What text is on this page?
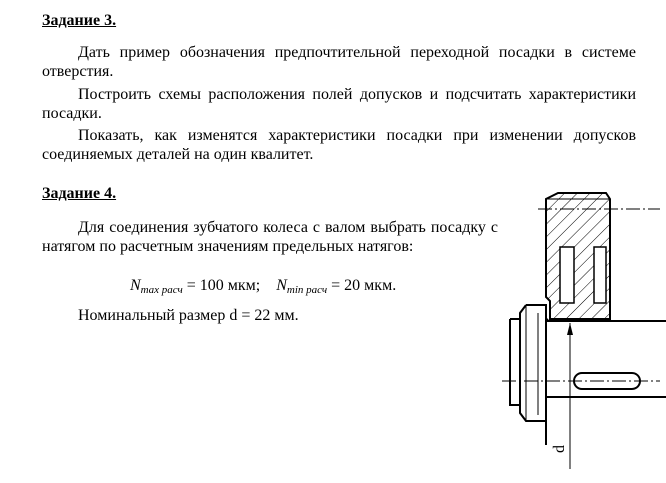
Задание 3.

Дать пример обозначения предпочтительной переходной посадки в системе отверстия.

Построить схемы расположения полей допусков и подсчитать характеристики посадки.

Показать, как изменятся характеристики посадки при изменении допусков соединяемых деталей на один квалитет.

Задание 4.

Для соединения зубчатого колеса с валом выбрать посадку с натягом по расчетным значениям предельных натягов:

$N_{max расч} = 100$ мкм; $N_{min расч} = 20$ мкм.

Номинальный размер d = 22 мм.

d
